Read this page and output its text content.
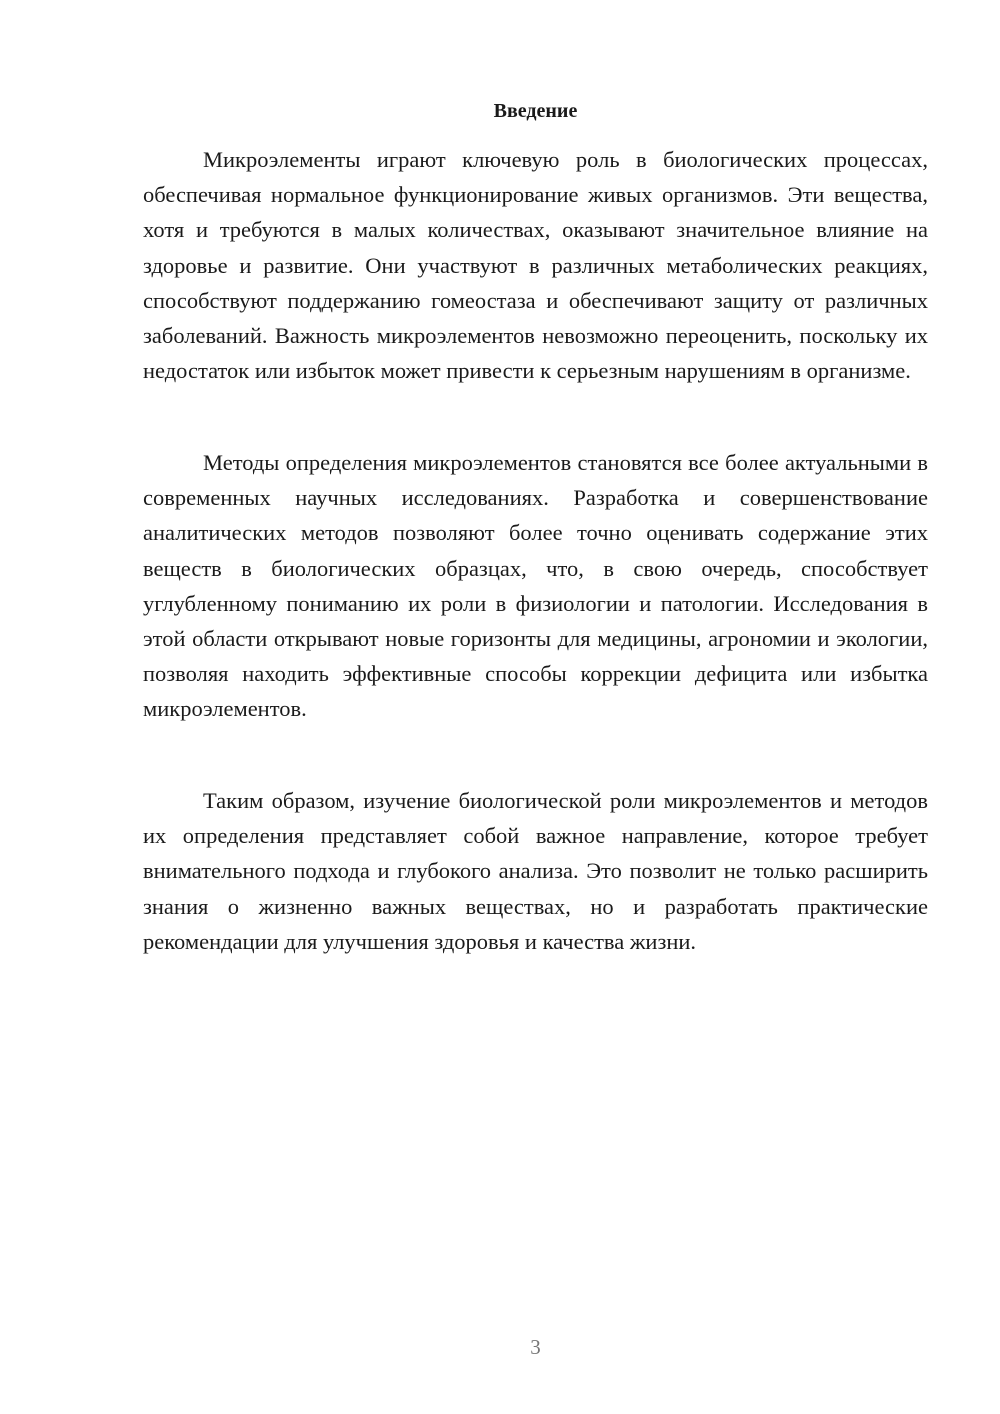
Введение

Микроэлементы играют ключевую роль в биологических процессах, обеспечивая нормальное функционирование живых организмов. Эти вещества, хотя и требуются в малых количествах, оказывают значительное влияние на здоровье и развитие. Они участвуют в различных метаболических реакциях, способствуют поддержанию гомеостаза и обеспечивают защиту от различных заболеваний. Важность микроэлементов невозможно переоценить, поскольку их недостаток или избыток может привести к серьезным нарушениям в организме.

Методы определения микроэлементов становятся все более актуальными в современных научных исследованиях. Разработка и совершенствование аналитических методов позволяют более точно оценивать содержание этих веществ в биологических образцах, что, в свою очередь, способствует углубленному пониманию их роли в физиологии и патологии. Исследования в этой области открывают новые горизонты для медицины, агрономии и экологии, позволяя находить эффективные способы коррекции дефицита или избытка микроэлементов.

Таким образом, изучение биологической роли микроэлементов и методов их определения представляет собой важное направление, которое требует внимательного подхода и глубокого анализа. Это позволит не только расширить знания о жизненно важных веществах, но и разработать практические рекомендации для улучшения здоровья и качества жизни.

3
